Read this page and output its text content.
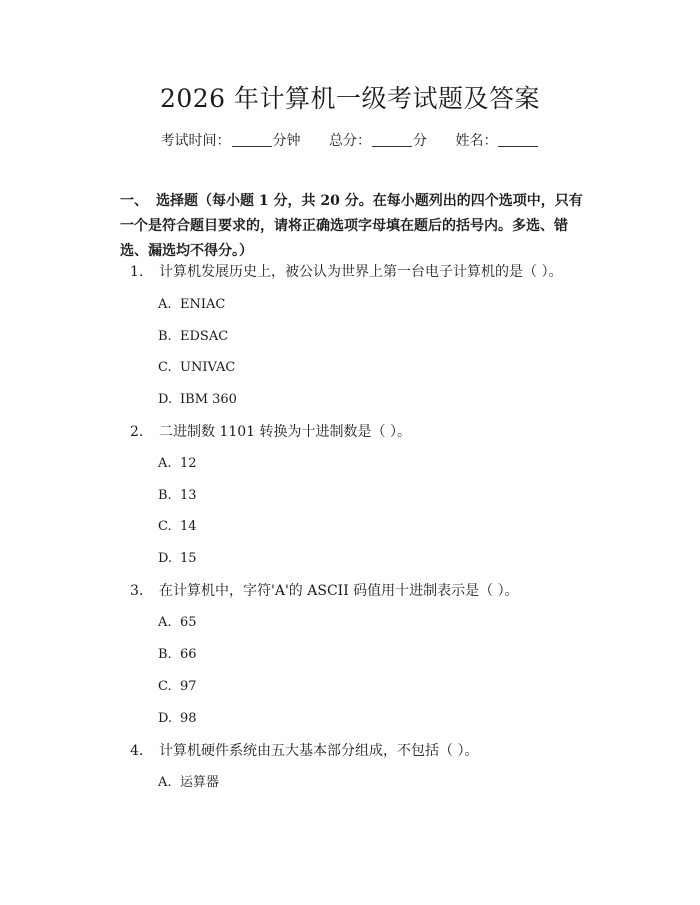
2026 年计算机一级考试题及答案
考试时间：	分钟 总分：	分 姓名：
一、 选择题（每小题 1 分，共 20 分。在每小题列出的四个选项中，只有一个是符合题目要求的，请将正确选项字母填在题后的括号内。多选、错选、漏选均不得分。）
1. 计算机发展历史上，被公认为世界上第一台电子计算机的是（ ）。
A. ENIAC
B. EDSAC
C. UNIVAC
D. IBM 360
2. 二进制数 1101 转换为十进制数是（ ）。
A. 12
B. 13
C. 14
D. 15
3. 在计算机中，字符'A'的 ASCII 码值用十进制表示是（ ）。
A. 65
B. 66
C. 97
D. 98
4. 计算机硬件系统由五大基本部分组成，不包括（ ）。
A. 运算器
